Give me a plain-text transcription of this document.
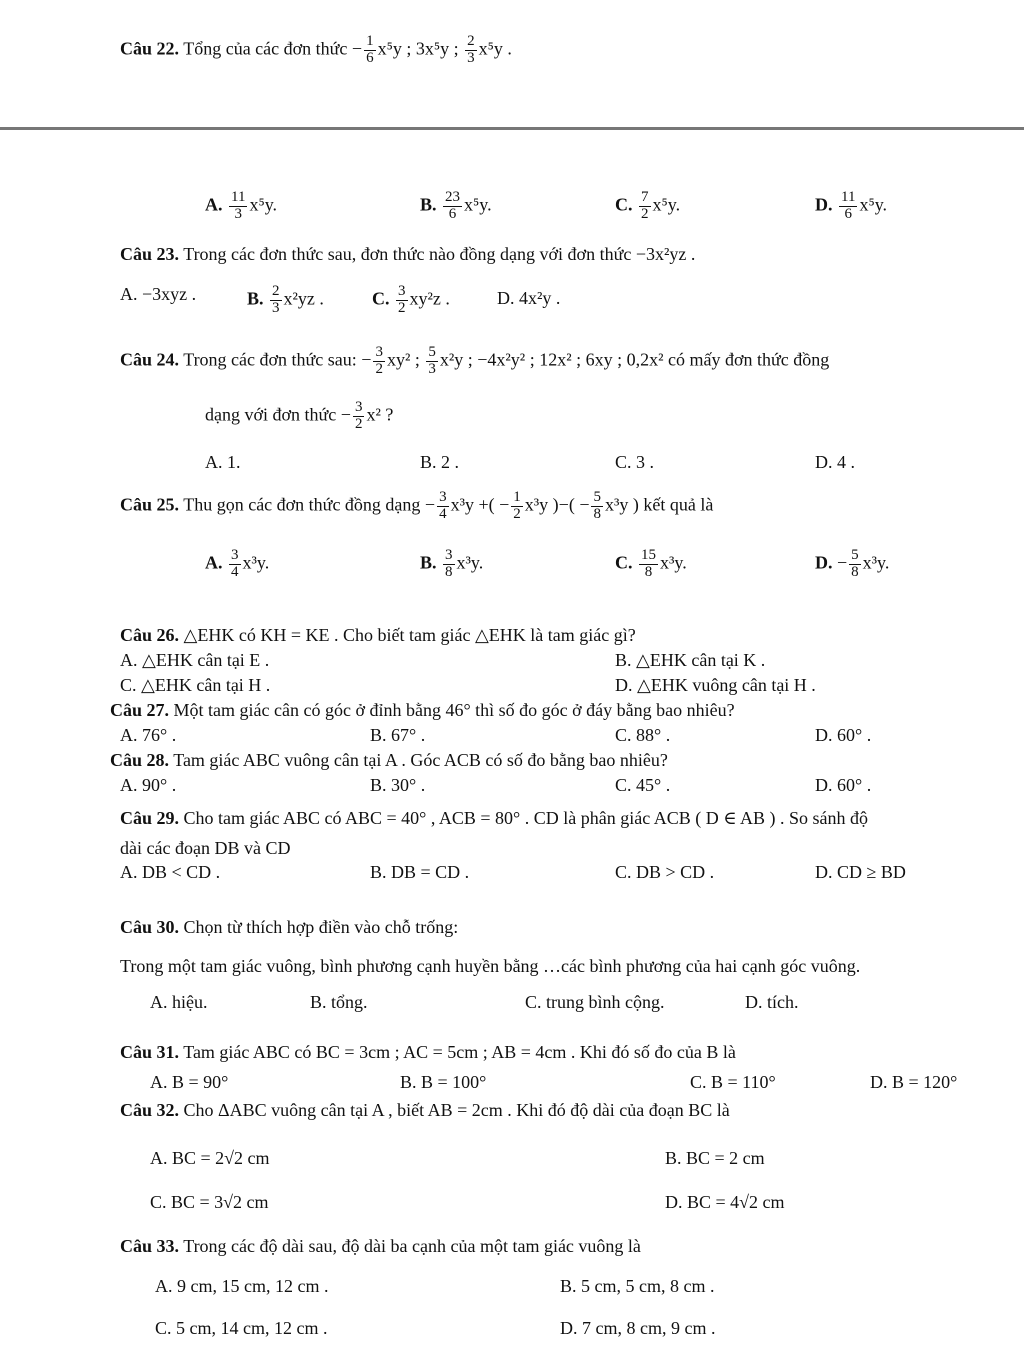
Câu 22. Tổng của các đơn thức − $\frac{1}{6} x^5y$ ; 3x⁵y ; $\frac{2}{3} x^5y$ .
A. $\frac{11}{3} x^5y$.	B. $\frac{23}{6} x^5y$.	C. $\frac{7}{2} x^5y$.	D. $\frac{11}{6} x^5y$.
Câu 23. Trong các đơn thức sau, đơn thức nào đồng dạng với đơn thức −3x²yz .
A. −3xyz .	B. $\frac{2}{3} x^2yz$ .	C. $\frac{3}{2} xy^2z$ .	D. 4x²y .
Câu 24. Trong các đơn thức sau: − $\frac{3}{2} xy^2$ ; $\frac{5}{3} x^2y$ ; −4x²y² ; 12x² ; 6xy ; 0,2x² có mấy đơn thức đồng
dạng với đơn thức − $\frac{3}{2} x^2$ ?
A. 1.	B. 2 .	C. 3 .	D. 4 .
Câu 25. Thu gọn các đơn thức đồng dạng − $\frac{3}{4} x^3y$ +( − $\frac{1}{2} x^3y$ )−( − $\frac{5}{8} x^3y$ ) kết quả là
A. $\frac{3}{4} x^3y$.	B. $\frac{3}{8} x^3y$.	C. $\frac{15}{8} x^3y$.	D. − $\frac{5}{8} x^3y$.
Câu 26. △EHK có KH = KE . Cho biết tam giác △EHK là tam giác gì?
A. △EHK cân tại E .	B. △EHK cân tại K .
C. △EHK cân tại H .	D. △EHK vuông cân tại H .
Câu 27. Một tam giác cân có góc ở đỉnh bằng 46° thì số đo góc ở đáy bằng bao nhiêu?
A. 76° .	B. 67° .	C. 88° .	D. 60° .
Câu 28. Tam giác ABC vuông cân tại A . Góc ACB có số đo bằng bao nhiêu?
A. 90° .	B. 30° .	C. 45° .	D. 60° .
Câu 29. Cho tam giác ABC có ABC = 40° , ACB = 80° . CD là phân giác ACB ( D ∈ AB ) . So sánh độ
dài các đoạn DB và CD
A. DB < CD .	B. DB = CD .	C. DB > CD .	D. CD ≥ BD
Câu 30. Chọn từ thích hợp điền vào chỗ trống:
Trong một tam giác vuông, bình phương cạnh huyền bằng …các bình phương của hai cạnh góc vuông.
A. hiệu.	B. tổng.	C. trung bình cộng.	D. tích.
Câu 31. Tam giác ABC có BC = 3cm ; AC = 5cm ; AB = 4cm . Khi đó số đo của B là
A. B = 90°	B. B = 100°	C. B = 110°	D. B = 120°
Câu 32. Cho ΔABC vuông cân tại A , biết AB = 2cm . Khi đó độ dài của đoạn BC là
A. BC = 2√2 cm	B. BC = 2 cm
C. BC = 3√2 cm	D. BC = 4√2 cm
Câu 33. Trong các độ dài sau, độ dài ba cạnh của một tam giác vuông là
A. 9 cm, 15 cm, 12 cm .	B. 5 cm, 5 cm, 8 cm .
C. 5 cm, 14 cm, 12 cm .	D. 7 cm, 8 cm, 9 cm .
